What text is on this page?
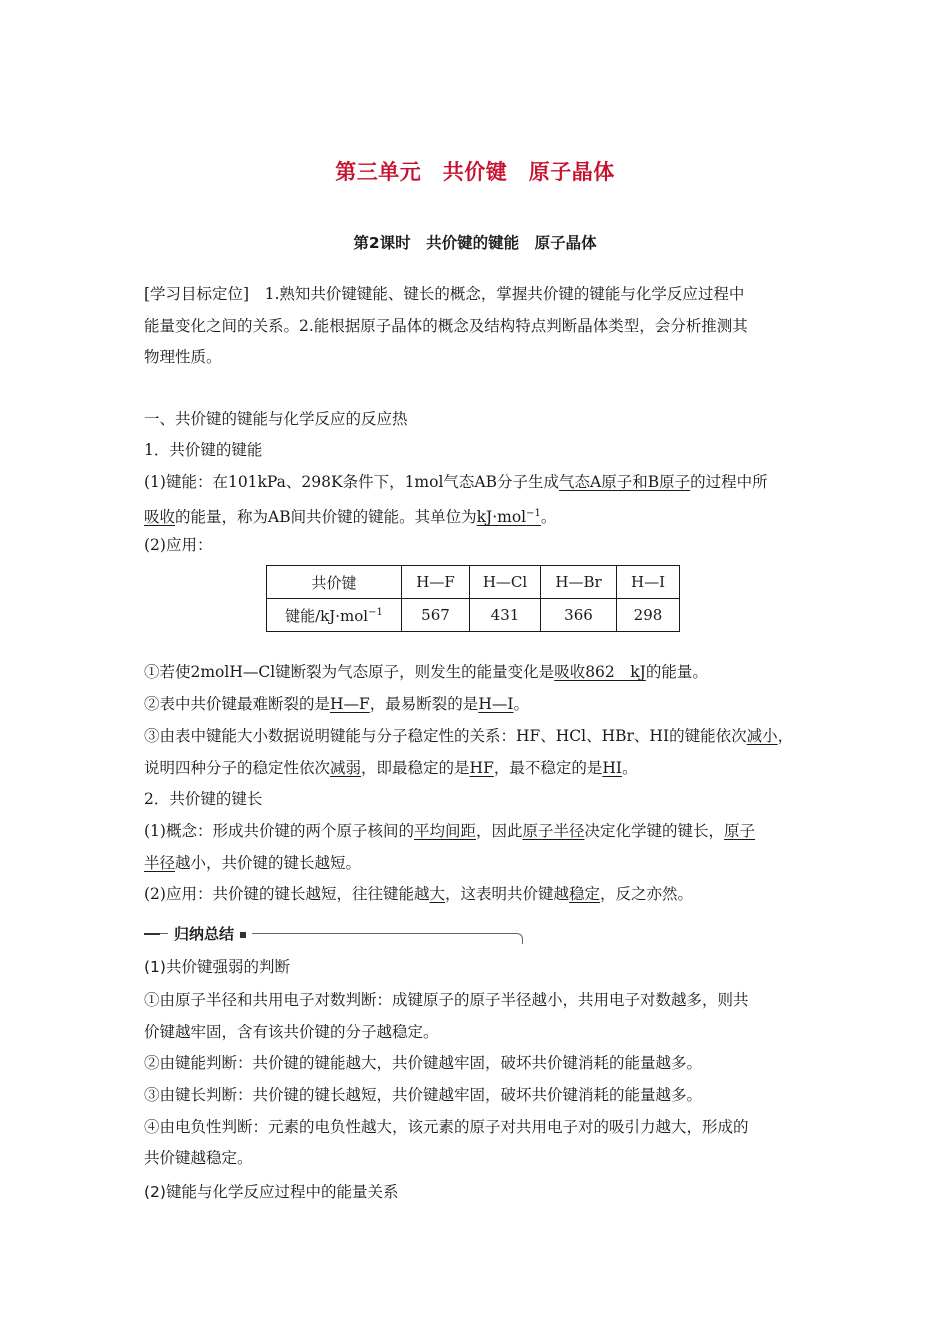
第三单元　共价键　原子晶体
第2课时　共价键的键能　原子晶体
[学习目标定位]　1.熟知共价键键能、键长的概念，掌握共价键的键能与化学反应过程中
能量变化之间的关系。2.能根据原子晶体的概念及结构特点判断晶体类型，会分析推测其
物理性质。
一、共价键的键能与化学反应的反应热
1．共价键的键能
(1)键能：在101kPa、298K条件下，1mol气态AB分子生成气态A原子和B原子的过程中所
吸收的能量，称为AB间共价键的键能。其单位为kJ·mol$^{-1}$。
(2)应用：
共价键	H—F	H—Cl	H—Br	H—I
键能/kJ·mol$^{-1}$	567	431	366	298
①若使2molH—Cl键断裂为气态原子，则发生的能量变化是吸收862　kJ的能量。
②表中共价键最难断裂的是H—F，最易断裂的是H—I。
③由表中键能大小数据说明键能与分子稳定性的关系：HF、HCl、HBr、HI的键能依次减小，
说明四种分子的稳定性依次减弱，即最稳定的是HF，最不稳定的是HI。
2．共价键的键长
(1)概念：形成共价键的两个原子核间的平均间距，因此原子半径决定化学键的键长，原子
半径越小，共价键的键长越短。
(2)应用：共价键的键长越短，往往键能越大，这表明共价键越稳定，反之亦然。
归纳总结
(1)共价键强弱的判断
①由原子半径和共用电子对数判断：成键原子的原子半径越小，共用电子对数越多，则共
价键越牢固，含有该共价键的分子越稳定。
②由键能判断：共价键的键能越大，共价键越牢固，破坏共价键消耗的能量越多。
③由键长判断：共价键的键长越短，共价键越牢固，破坏共价键消耗的能量越多。
④由电负性判断：元素的电负性越大，该元素的原子对共用电子对的吸引力越大，形成的
共价键越稳定。
(2)键能与化学反应过程中的能量关系
